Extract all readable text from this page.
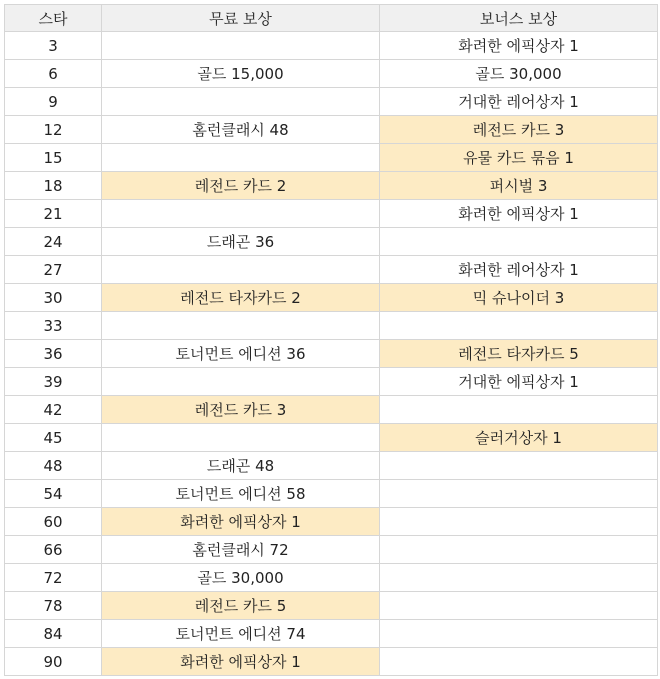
스타	무료 보상	보너스 보상
3		화려한 에픽상자 1
6	골드 15,000	골드 30,000
9		거대한 레어상자 1
12	홈런클래시 48	레전드 카드 3
15		유물 카드 묶음 1
18	레전드 카드 2	퍼시벌 3
21		화려한 에픽상자 1
24	드래곤 36	
27		화려한 레어상자 1
30	레전드 타자카드 2	믹 슈나이더 3
33		
36	토너먼트 에디션 36	레전드 타자카드 5
39		거대한 에픽상자 1
42	레전드 카드 3	
45		슬러거상자 1
48	드래곤 48	
54	토너먼트 에디션 58	
60	화려한 에픽상자 1	
66	홈런클래시 72	
72	골드 30,000	
78	레전드 카드 5	
84	토너먼트 에디션 74	
90	화려한 에픽상자 1	
